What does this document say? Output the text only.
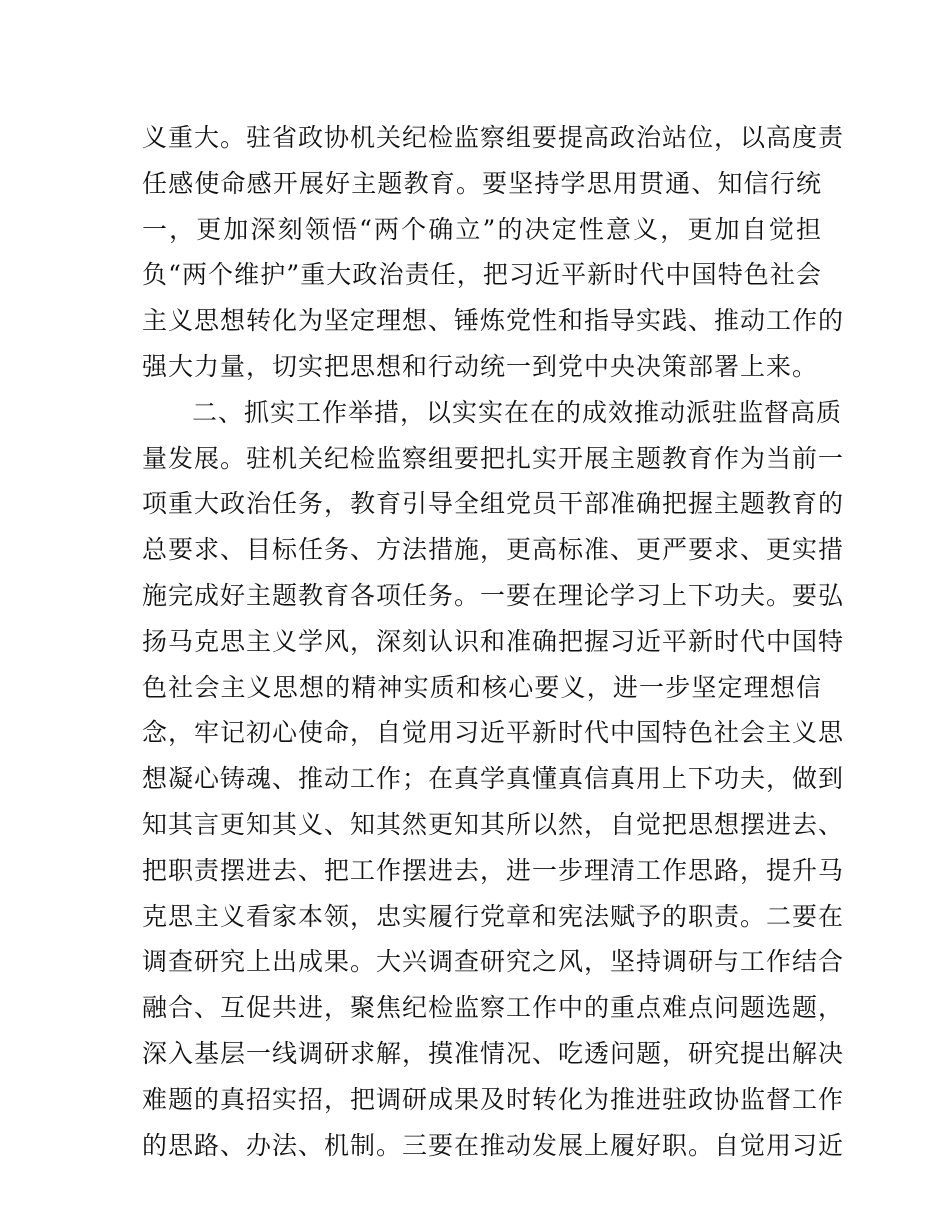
义重大。驻省政协机关纪检监察组要提高政治站位，以高度责
任感使命感开展好主题教育。要坚持学思用贯通、知信行统
一，更加深刻领悟“两个确立”的决定性意义，更加自觉担
负“两个维护”重大政治责任，把习近平新时代中国特色社会
主义思想转化为坚定理想、锤炼党性和指导实践、推动工作的
强大力量，切实把思想和行动统一到党中央决策部署上来。
二、抓实工作举措，以实实在在的成效推动派驻监督高质
量发展。驻机关纪检监察组要把扎实开展主题教育作为当前一
项重大政治任务，教育引导全组党员干部准确把握主题教育的
总要求、目标任务、方法措施，更高标准、更严要求、更实措
施完成好主题教育各项任务。一要在理论学习上下功夫。要弘
扬马克思主义学风，深刻认识和准确把握习近平新时代中国特
色社会主义思想的精神实质和核心要义，进一步坚定理想信
念，牢记初心使命，自觉用习近平新时代中国特色社会主义思
想凝心铸魂、推动工作；在真学真懂真信真用上下功夫，做到
知其言更知其义、知其然更知其所以然，自觉把思想摆进去、
把职责摆进去、把工作摆进去，进一步理清工作思路，提升马
克思主义看家本领，忠实履行党章和宪法赋予的职责。二要在
调查研究上出成果。大兴调查研究之风，坚持调研与工作结合
融合、互促共进，聚焦纪检监察工作中的重点难点问题选题，
深入基层一线调研求解，摸准情况、吃透问题，研究提出解决
难题的真招实招，把调研成果及时转化为推进驻政协监督工作
的思路、办法、机制。三要在推动发展上履好职。自觉用习近
